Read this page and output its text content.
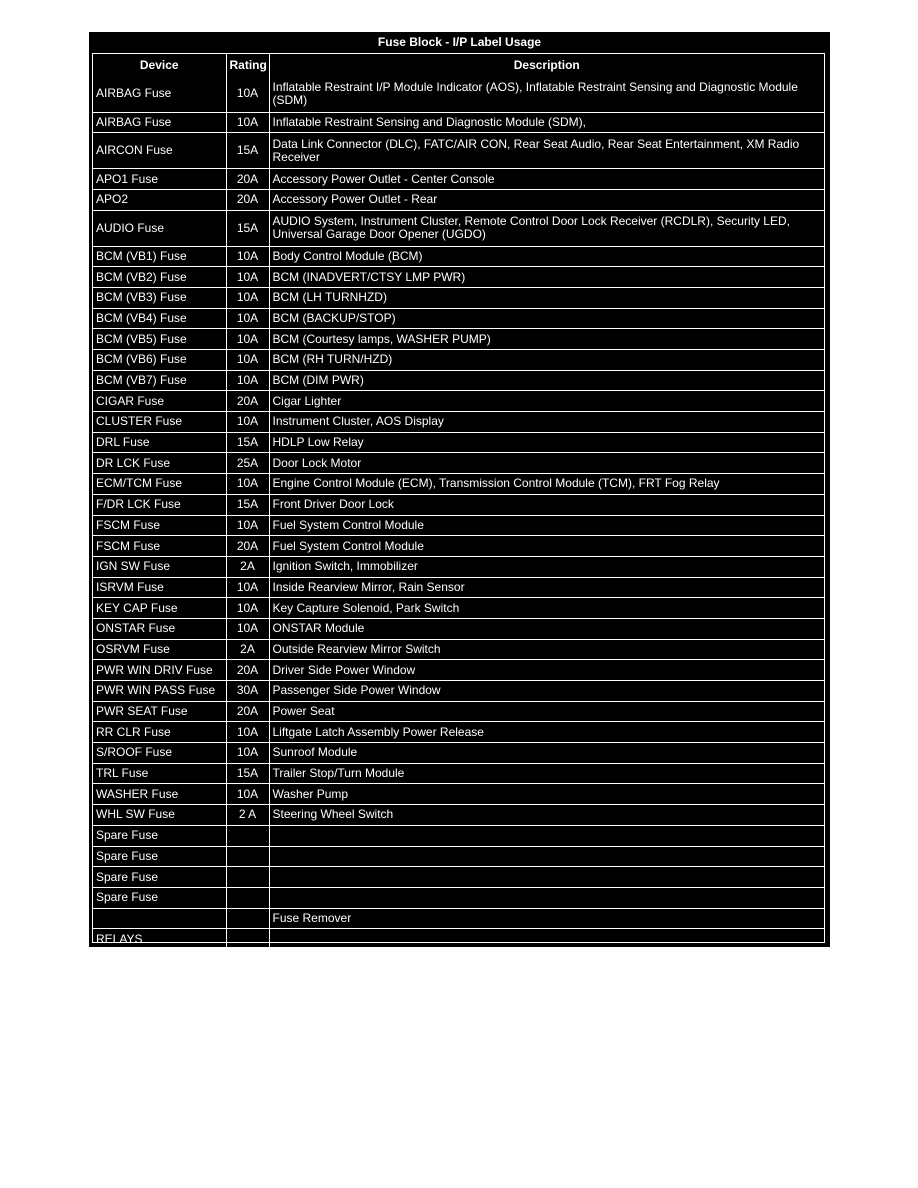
Fuse Block - I/P Label Usage
Device	Rating	Description
AIRBAG Fuse	10A	Inflatable Restraint I/P Module Indicator (AOS), Inflatable Restraint Sensing and Diagnostic Module (SDM)
AIRBAG Fuse	10A	Inflatable Restraint Sensing and Diagnostic Module (SDM),
AIRCON Fuse	15A	Data Link Connector (DLC), FATC/AIR CON, Rear Seat Audio, Rear Seat Entertainment, XM Radio Receiver
APO1 Fuse	20A	Accessory Power Outlet - Center Console
APO2	20A	Accessory Power Outlet - Rear
AUDIO Fuse	15A	AUDIO System, Instrument Cluster, Remote Control Door Lock Receiver (RCDLR), Security LED, Universal Garage Door Opener (UGDO)
BCM (VB1) Fuse	10A	Body Control Module (BCM)
BCM (VB2) Fuse	10A	BCM (INADVERT/CTSY LMP PWR)
BCM (VB3) Fuse	10A	BCM (LH TURNHZD)
BCM (VB4) Fuse	10A	BCM (BACKUP/STOP)
BCM (VB5) Fuse	10A	BCM (Courtesy lamps, WASHER PUMP)
BCM (VB6) Fuse	10A	BCM (RH TURN/HZD)
BCM (VB7) Fuse	10A	BCM (DIM PWR)
CIGAR Fuse	20A	Cigar Lighter
CLUSTER Fuse	10A	Instrument Cluster, AOS Display
DRL Fuse	15A	HDLP Low Relay
DR LCK Fuse	25A	Door Lock Motor
ECM/TCM Fuse	10A	Engine Control Module (ECM), Transmission Control Module (TCM), FRT Fog Relay
F/DR LCK Fuse	15A	Front Driver Door Lock
FSCM Fuse	10A	Fuel System Control Module
FSCM Fuse	20A	Fuel System Control Module
IGN SW Fuse	2A	Ignition Switch, Immobilizer
ISRVM Fuse	10A	Inside Rearview Mirror, Rain Sensor
KEY CAP Fuse	10A	Key Capture Solenoid, Park Switch
ONSTAR Fuse	10A	ONSTAR Module
OSRVM Fuse	2A	Outside Rearview Mirror Switch
PWR WIN DRIV Fuse	20A	Driver Side Power Window
PWR WIN PASS Fuse	30A	Passenger Side Power Window
PWR SEAT Fuse	20A	Power Seat
RR CLR Fuse	10A	Liftgate Latch Assembly Power Release
S/ROOF Fuse	10A	Sunroof Module
TRL Fuse	15A	Trailer Stop/Turn Module
WASHER Fuse	10A	Washer Pump
WHL SW Fuse	2 A	Steering Wheel Switch
Spare Fuse		
Spare Fuse		
Spare Fuse		
Spare Fuse		
		Fuse Remover
RELAYS		
